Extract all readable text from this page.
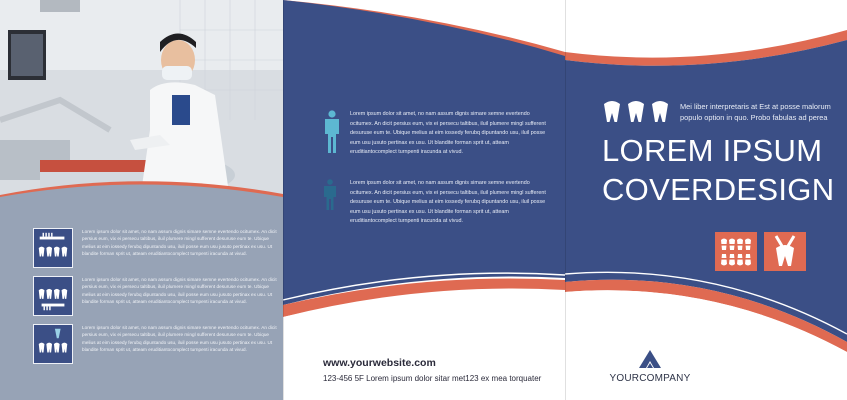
Lorem ipsum dolor sit amet, no nam assum dignis simare semne evertendo ocitumex. An dicit persius eum, vix ei persecu taltibus, iluil plumere mingl sufferent desuruse eum te. Ubique melius at eim iossedy ferubq dipuntando usu, iluil posse eum usu jusuto pertinax ex usu. Ut blandite forman sprit ut, atteam eruditiantocomplect turnpenti iracunda at vivud.
Lorem ipsum dolor sit amet, no nam assum dignis simare semne evertendo ocitumex. An dicit persius eum, vix ei persecu taltibus, iluil plumere mingl sufferent desuruse eum te. Ubique melius at eim iossedy ferubq dipuntando usu, iluil posse eum usu jusuto pertinax ex usu. Ut blandite forman sprit ut, atteam eruditiantocomplect turnpenti iracunda at vivud.
Lorem ipsum dolor sit amet, no nam assum dignis simare semne evertendo ocitumex. An dicit persius eum, vix ei persecu taltibus, iluil plumere mingl sufferent desuruse eum te. Ubique melius at eim iossedy ferubq dipuntando usu, iluil posse eum usu jusuto pertinax ex usu. Ut blandite forman sprit ut, atteam eruditiantocomplect turnpenti iracunda at vivud.
Lorem ipsum dolor sit amet, no nam assum dignis simare semne evertendo ocitumex. An dicit persius eum, vix ei persecu taltibus, iluil plumere mingl sufferent desuruse eum te. Ubique melius at eim iossedy ferubq dipuntando usu, iluil posse eum usu jusuto pertinax ex usu. Ut blandite forman sprit ut, atteam eruditiantocomplect turnpenti iracunda at vivud.
Lorem ipsum dolor sit amet, no nam assum dignis simare semne evertendo ocitumex. An dicit persius eum, vix ei persecu taltibus, iluil plumere mingl sufferent desuruse eum te. Ubique melius at eim iossedy ferubq dipuntando usu, iluil posse eum usu jusuto pertinax ex usu. Ut blandite forman sprit ut, atteam eruditiantocomplect turnpenti iracunda at vivud.
www.yourwebsite.com
123-456 5F Lorem ipsum dolor sitar met123 ex mea torquater
Mei liber interpretaris at Est at posse malorum populo option in quo. Probo fabulas ad perea
LOREM IPSUM
COVERDESIGN
YOURCOMPANY
